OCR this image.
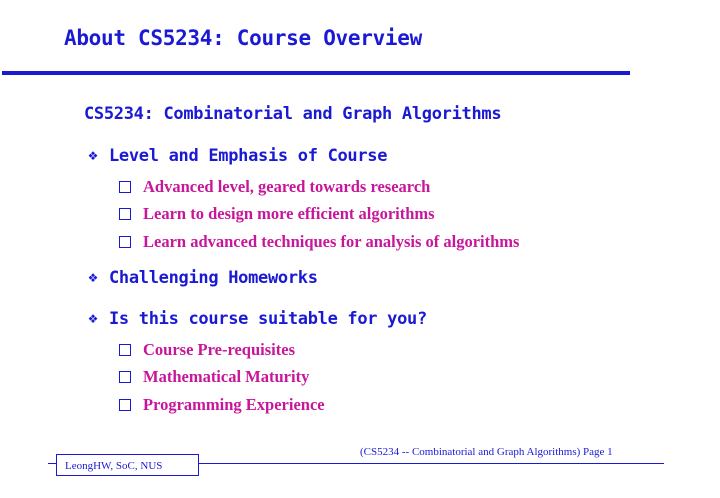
About CS5234: Course Overview
CS5234: Combinatorial and Graph Algorithms
❖ Level and Emphasis of Course
Advanced level, geared towards research
Learn to design more efficient algorithms
Learn advanced techniques for analysis of algorithms
❖ Challenging Homeworks
❖ Is this course suitable for you?
Course Pre-requisites
Mathematical Maturity
Programming Experience
(CS5234 -- Combinatorial and Graph Algorithms) Page 1
LeongHW, SoC, NUS
